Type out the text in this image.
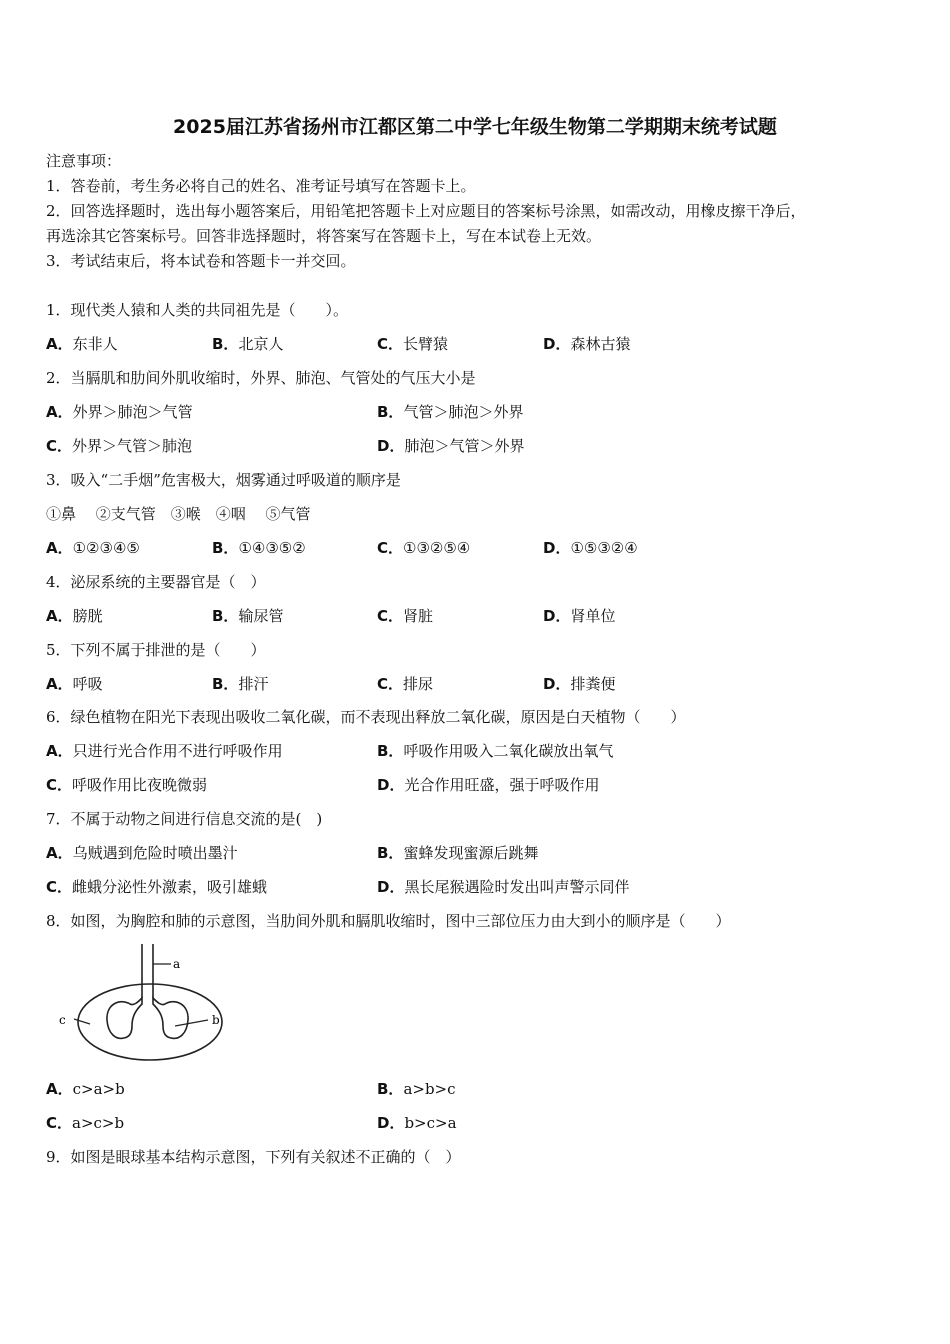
2025届江苏省扬州市江都区第二中学七年级生物第二学期期末统考试题
注意事项：
1．答卷前，考生务必将自己的姓名、准考证号填写在答题卡上。
2．回答选择题时，选出每小题答案后，用铅笔把答题卡上对应题目的答案标号涂黑，如需改动，用橡皮擦干净后，
再选涂其它答案标号。回答非选择题时，将答案写在答题卡上，写在本试卷上无效。
3．考试结束后，将本试卷和答题卡一并交回。
1．现代类人猿和人类的共同祖先是（　　）。
A．东非人	B．北京人	C．长臂猿	D．森林古猿
2．当膈肌和肋间外肌收缩时，外界、肺泡、气管处的气压大小是
A．外界＞肺泡＞气管	B．气管＞肺泡＞外界
C．外界＞气管＞肺泡	D．肺泡＞气管＞外界
3．吸入“二手烟”危害极大，烟雾通过呼吸道的顺序是
①鼻　 ②支气管　③喉　④咽　 ⑤气管
A．①②③④⑤	B．①④③⑤②	C．①③②⑤④	D．①⑤③②④
4．泌尿系统的主要器官是（　）
A．膀胱	B．输尿管	C．肾脏	D．肾单位
5．下列不属于排泄的是（　　）
A．呼吸	B．排汗	C．排尿	D．排粪便
6．绿色植物在阳光下表现出吸收二氧化碳，而不表现出释放二氧化碳，原因是白天植物（　　）
A．只进行光合作用不进行呼吸作用	B．呼吸作用吸入二氧化碳放出氧气
C．呼吸作用比夜晚微弱	D．光合作用旺盛，强于呼吸作用
7．不属于动物之间进行信息交流的是(　)
A．乌贼遇到危险时喷出墨汁	B．蜜蜂发现蜜源后跳舞
C．雌蛾分泌性外激素，吸引雄蛾	D．黑长尾猴遇险时发出叫声警示同伴
8．如图，为胸腔和肺的示意图，当肋间外肌和膈肌收缩时，图中三部位压力由大到小的顺序是（　　）
a
c	b
A．c>a>b	B．a>b>c
C．a>c>b	D．b>c>a
9．如图是眼球基本结构示意图，下列有关叙述不正确的（　）
